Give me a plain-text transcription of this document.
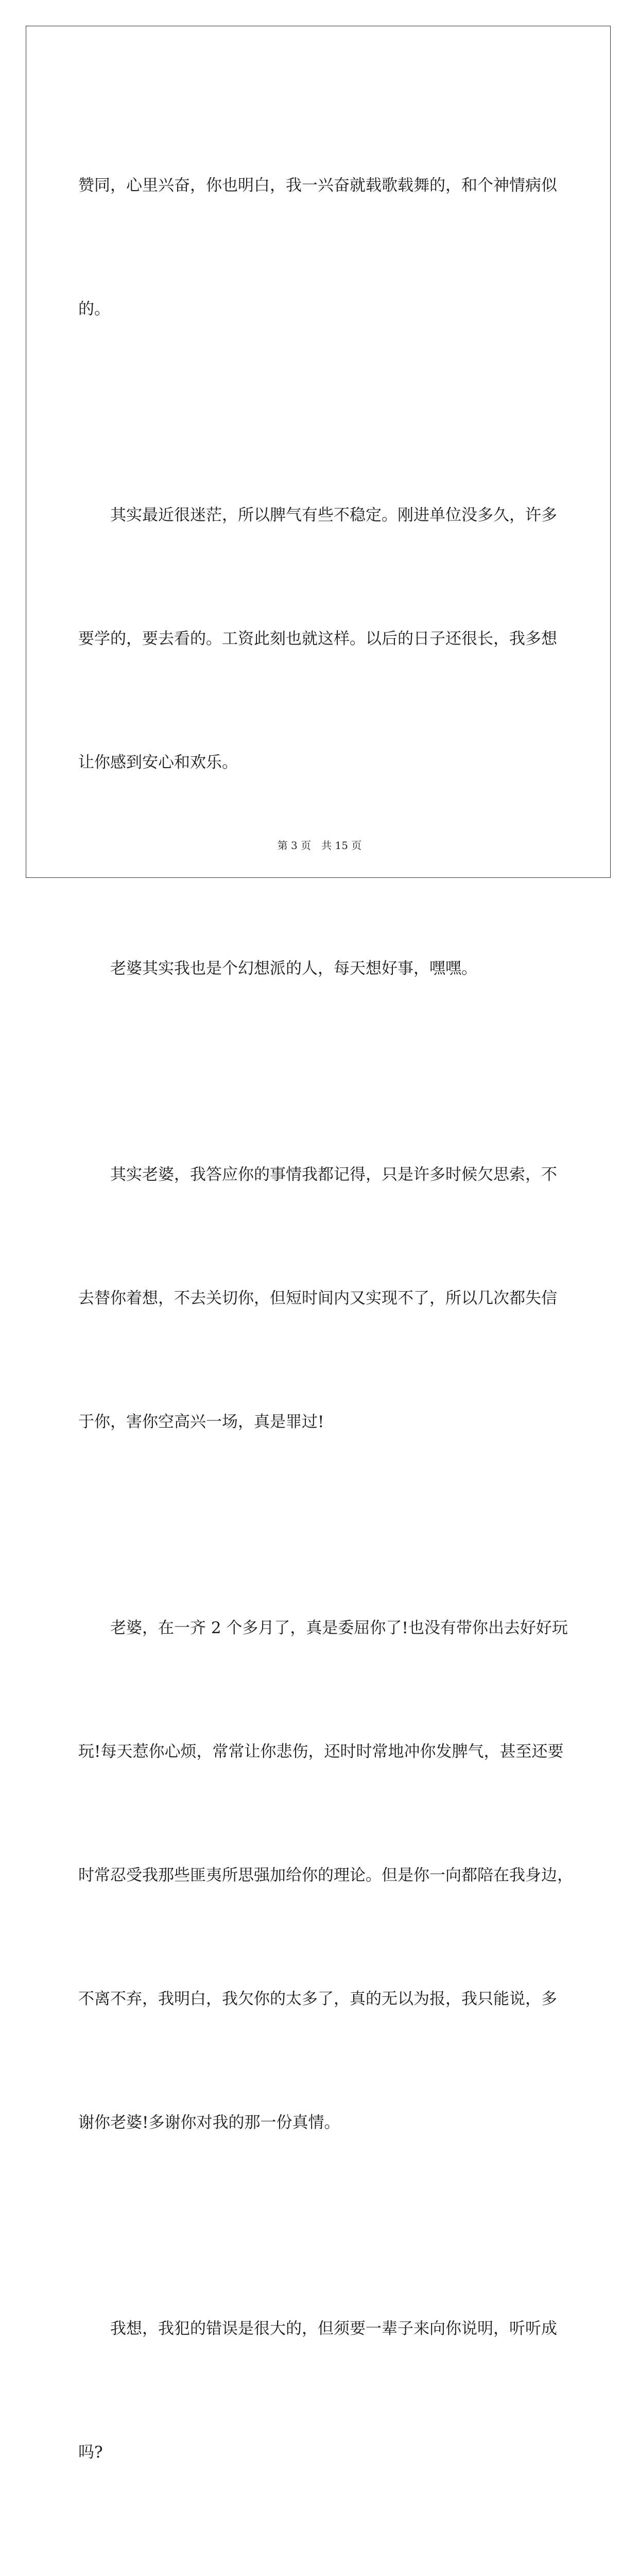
赞同，心里兴奋，你也明白，我一兴奋就载歌载舞的，和个神情病似

的。

　　其实最近很迷茫，所以脾气有些不稳定。刚进单位没多久，许多

要学的，要去看的。工资此刻也就这样。以后的日子还很长，我多想

让你感到安心和欢乐。

　　老婆其实我也是个幻想派的人，每天想好事，嘿嘿。

　　其实老婆，我答应你的事情我都记得，只是许多时候欠思索，不

去替你着想，不去关切你，但短时间内又实现不了，所以几次都失信

于你，害你空高兴一场，真是罪过!

　　老婆，在一齐 2 个多月了，真是委屈你了!也没有带你出去好好玩

玩!每天惹你心烦，常常让你悲伤，还时时常地冲你发脾气，甚至还要

时常忍受我那些匪夷所思强加给你的理论。但是你一向都陪在我身边，

不离不弃，我明白，我欠你的太多了，真的无以为报，我只能说，多

谢你老婆!多谢你对我的那一份真情。

　　我想，我犯的错误是很大的，但须要一辈子来向你说明，听听成

吗?

第 3 页　共 15 页
